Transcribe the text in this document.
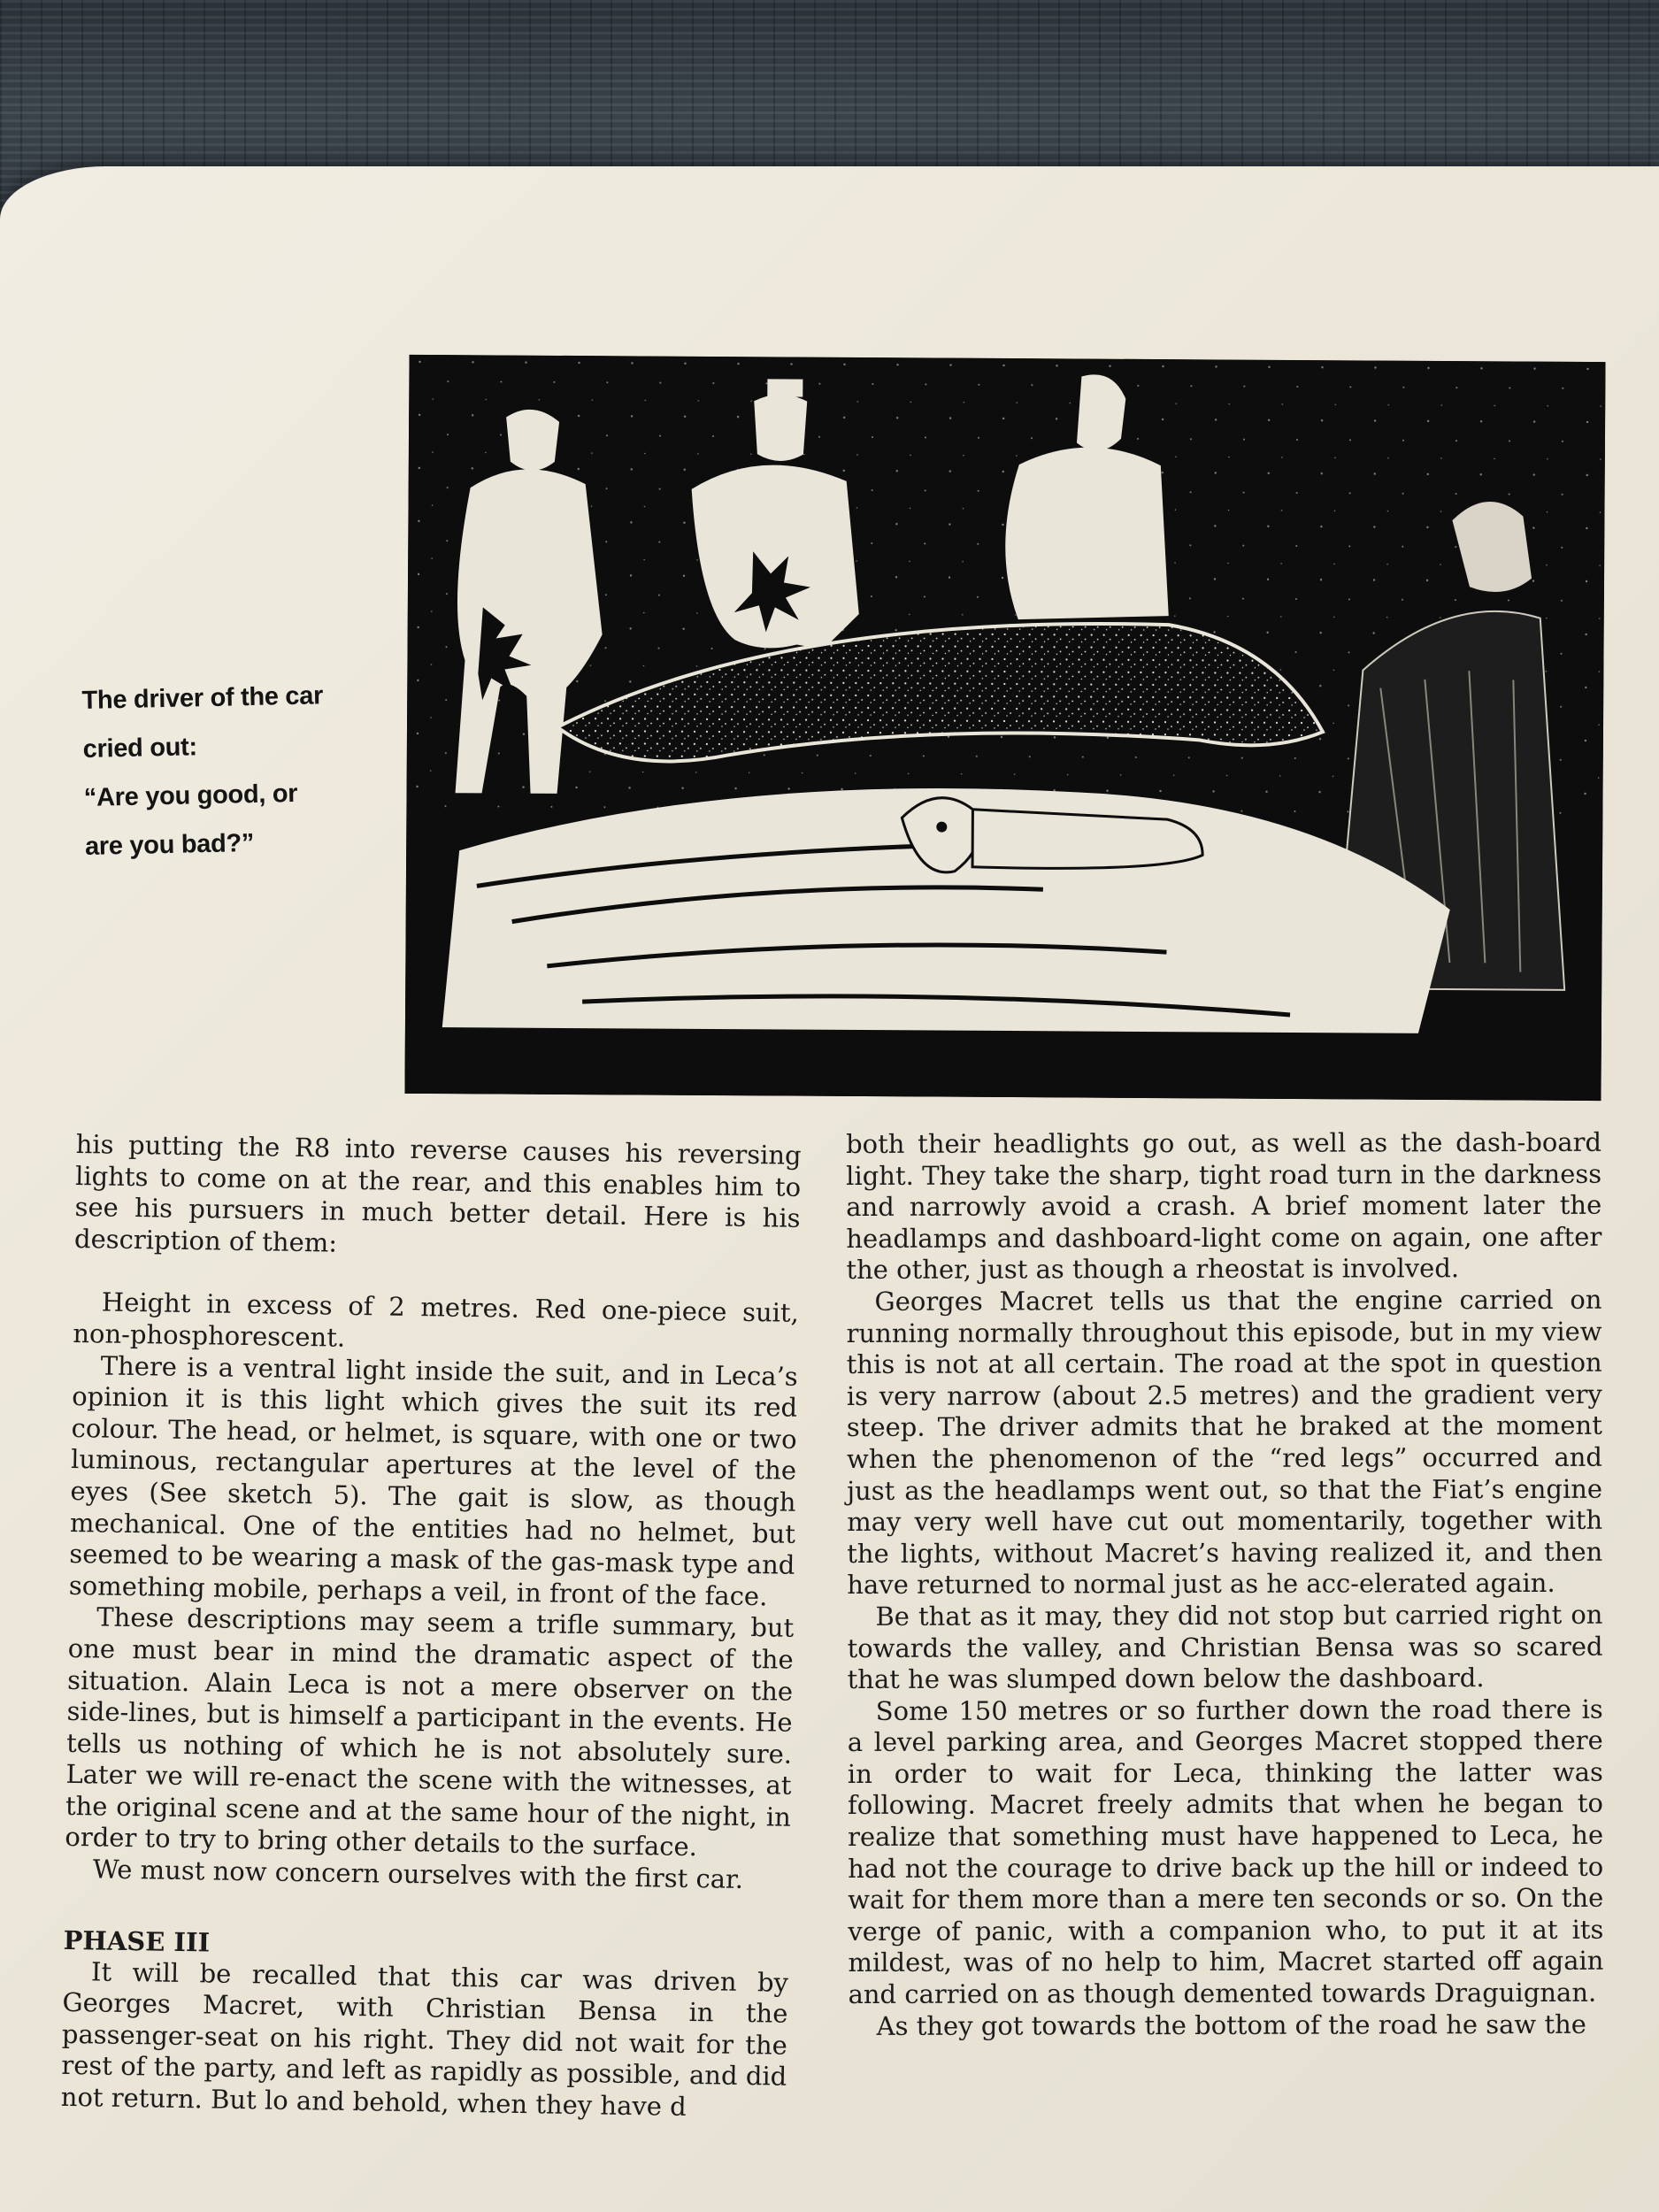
The driver of the car
cried out:
“Are you good, or
are you bad?”

his putting the R8 into reverse causes his reversing lights to come on at the rear, and this enables him to see his pursuers in much better detail. Here is his description of them:

Height in excess of 2 metres. Red one-piece suit, non-phosphorescent.

There is a ventral light inside the suit, and in Leca’s opinion it is this light which gives the suit its red colour. The head, or helmet, is square, with one or two luminous, rectangular apertures at the level of the eyes (See sketch 5). The gait is slow, as though mechanical. One of the entities had no helmet, but seemed to be wearing a mask of the gas-mask type and something mobile, perhaps a veil, in front of the face.

These descriptions may seem a trifle summary, but one must bear in mind the dramatic aspect of the situation. Alain Leca is not a mere observer on the side-lines, but is himself a participant in the events. He tells us nothing of which he is not absolutely sure. Later we will re-enact the scene with the witnesses, at the original scene and at the same hour of the night, in order to try to bring other details to the surface.

We must now concern ourselves with the first car.

PHASE III

It will be recalled that this car was driven by Georges Macret, with Christian Bensa in the passenger-seat on his right. They did not wait for the rest of the party, and left as rapidly as possible, and did not return. But lo and behold, when they have d

both their headlights go out, as well as the dash-board light. They take the sharp, tight road turn in the darkness and narrowly avoid a crash. A brief moment later the headlamps and dashboard-light come on again, one after the other, just as though a rheostat is involved.

Georges Macret tells us that the engine carried on running normally throughout this episode, but in my view this is not at all certain. The road at the spot in question is very narrow (about 2.5 metres) and the gradient very steep. The driver admits that he braked at the moment when the phenomenon of the “red legs” occurred and just as the headlamps went out, so that the Fiat’s engine may very well have cut out momentarily, together with the lights, without Macret’s having realized it, and then have returned to normal just as he acc-elerated again.

Be that as it may, they did not stop but carried right on towards the valley, and Christian Bensa was so scared that he was slumped down below the dashboard.

Some 150 metres or so further down the road there is a level parking area, and Georges Macret stopped there in order to wait for Leca, thinking the latter was following. Macret freely admits that when he began to realize that something must have happened to Leca, he had not the courage to drive back up the hill or indeed to wait for them more than a mere ten seconds or so. On the verge of panic, with a companion who, to put it at its mildest, was of no help to him, Macret started off again and carried on as though demented towards Draguignan.

As they got towards the bottom of the road he saw the
